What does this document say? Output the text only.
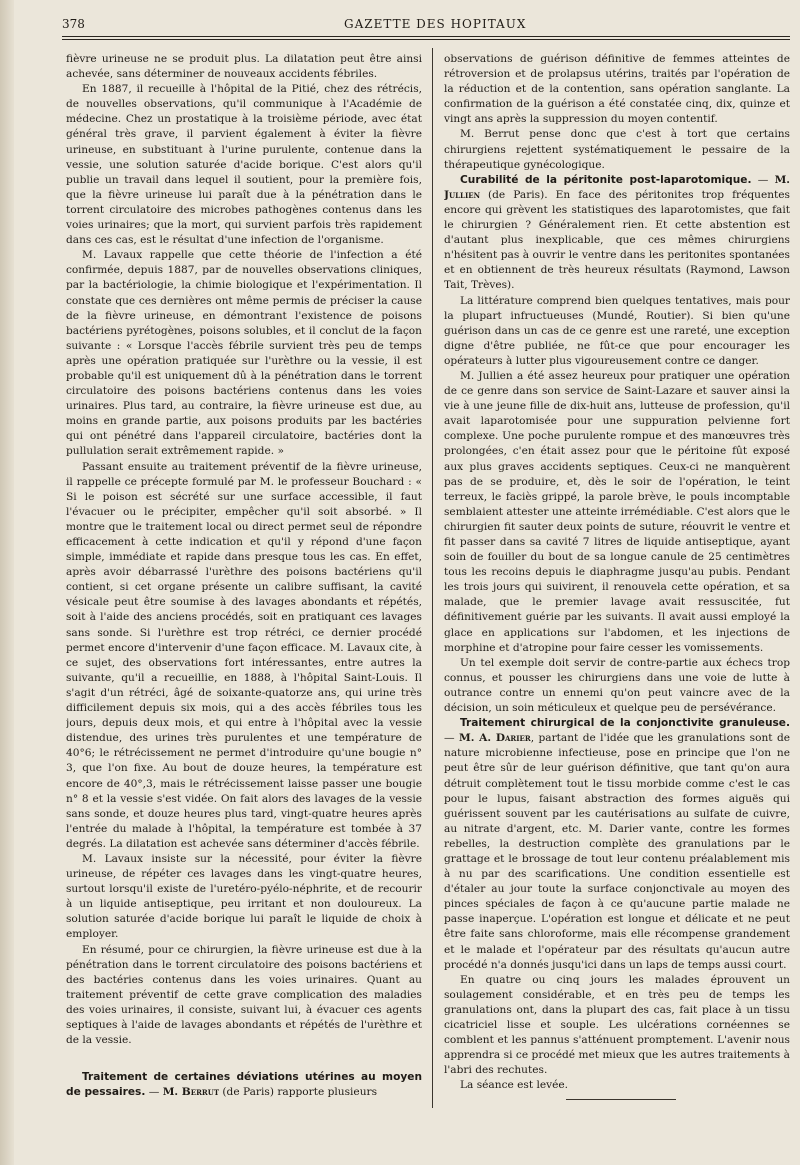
378	GAZETTE DES HOPITAUX

fièvre urineuse ne se produit plus. La dilatation peut être ainsi achevée, sans déterminer de nouveaux accidents fébriles.

En 1887, il recueille à l'hôpital de la Pitié, chez des rétrécis, de nouvelles observations, qu'il communique à l'Académie de médecine. Chez un prostatique à la troisième période, avec état général très grave, il parvient également à éviter la fièvre urineuse, en substituant à l'urine purulente, contenue dans la vessie, une solution saturée d'acide borique. C'est alors qu'il publie un travail dans lequel il soutient, pour la première fois, que la fièvre urineuse lui paraît due à la pénétration dans le torrent circulatoire des microbes pathogènes contenus dans les voies urinaires; que la mort, qui survient parfois très rapidement dans ces cas, est le résultat d'une infection de l'organisme.

M. Lavaux rappelle que cette théorie de l'infection a été confirmée, depuis 1887, par de nouvelles observations cliniques, par la bactériologie, la chimie biologique et l'expérimentation. Il constate que ces dernières ont même permis de préciser la cause de la fièvre urineuse, en démontrant l'existence de poisons bactériens pyrétogènes, poisons solubles, et il conclut de la façon suivante : « Lorsque l'accès fébrile survient très peu de temps après une opération pratiquée sur l'urèthre ou la vessie, il est probable qu'il est uniquement dû à la pénétration dans le torrent circulatoire des poisons bactériens contenus dans les voies urinaires. Plus tard, au contraire, la fièvre urineuse est due, au moins en grande partie, aux poisons produits par les bactéries qui ont pénétré dans l'appareil circulatoire, bactéries dont la pullulation serait extrêmement rapide. »

Passant ensuite au traitement préventif de la fièvre urineuse, il rappelle ce précepte formulé par M. le professeur Bouchard : « Si le poison est sécrété sur une surface accessible, il faut l'évacuer ou le précipiter, empêcher qu'il soit absorbé. » Il montre que le traitement local ou direct permet seul de répondre efficacement à cette indication et qu'il y répond d'une façon simple, immédiate et rapide dans presque tous les cas. En effet, après avoir débarrassé l'urèthre des poisons bactériens qu'il contient, si cet organe présente un calibre suffisant, la cavité vésicale peut être soumise à des lavages abondants et répétés, soit à l'aide des anciens procédés, soit en pratiquant ces lavages sans sonde. Si l'urèthre est trop rétréci, ce dernier procédé permet encore d'intervenir d'une façon efficace. M. Lavaux cite, à ce sujet, des observations fort intéressantes, entre autres la suivante, qu'il a recueillie, en 1888, à l'hôpital Saint-Louis. Il s'agit d'un rétréci, âgé de soixante-quatorze ans, qui urine très difficilement depuis six mois, qui a des accès fébriles tous les jours, depuis deux mois, et qui entre à l'hôpital avec la vessie distendue, des urines très purulentes et une température de 40°6; le rétrécissement ne permet d'introduire qu'une bougie n° 3, que l'on fixe. Au bout de douze heures, la température est encore de 40°,3, mais le rétrécissement laisse passer une bougie n° 8 et la vessie s'est vidée. On fait alors des lavages de la vessie sans sonde, et douze heures plus tard, vingt-quatre heures après l'entrée du malade à l'hôpital, la température est tombée à 37 degrés. La dilatation est achevée sans déterminer d'accès fébrile.

M. Lavaux insiste sur la nécessité, pour éviter la fièvre urineuse, de répéter ces lavages dans les vingt-quatre heures, surtout lorsqu'il existe de l'uretéro-pyélo-néphrite, et de recourir à un liquide antiseptique, peu irritant et non douloureux. La solution saturée d'acide borique lui paraît le liquide de choix à employer.

En résumé, pour ce chirurgien, la fièvre urineuse est due à la pénétration dans le torrent circulatoire des poisons bactériens et des bactéries contenus dans les voies urinaires. Quant au traitement préventif de cette grave complication des maladies des voies urinaires, il consiste, suivant lui, à évacuer ces agents septiques à l'aide de lavages abondants et répétés de l'urèthre et de la vessie.

Traitement de certaines déviations utérines au moyen de pessaires. — M. Berrut (de Paris) rapporte plusieurs

observations de guérison définitive de femmes atteintes de rétroversion et de prolapsus utérins, traités par l'opération de la réduction et de la contention, sans opération sanglante. La confirmation de la guérison a été constatée cinq, dix, quinze et vingt ans après la suppression du moyen contentif.

M. Berrut pense donc que c'est à tort que certains chirurgiens rejettent systématiquement le pessaire de la thérapeutique gynécologique.

Curabilité de la péritonite post-laparotomique. — M. Jullien (de Paris). En face des péritonites trop fréquentes encore qui grèvent les statistiques des laparotomistes, que fait le chirurgien ? Généralement rien. Et cette abstention est d'autant plus inexplicable, que ces mêmes chirurgiens n'hésitent pas à ouvrir le ventre dans les peritonites spontanées et en obtiennent de très heureux résultats (Raymond, Lawson Tait, Trèves).

La littérature comprend bien quelques tentatives, mais pour la plupart infructueuses (Mundé, Routier). Si bien qu'une guérison dans un cas de ce genre est une rareté, une exception digne d'être publiée, ne fût-ce que pour encourager les opérateurs à lutter plus vigoureusement contre ce danger.

M. Jullien a été assez heureux pour pratiquer une opération de ce genre dans son service de Saint-Lazare et sauver ainsi la vie à une jeune fille de dix-huit ans, lutteuse de profession, qu'il avait laparotomisée pour une suppuration pelvienne fort complexe. Une poche purulente rompue et des manœuvres très prolongées, c'en était assez pour que le péritoine fût exposé aux plus graves accidents septiques. Ceux-ci ne manquèrent pas de se produire, et, dès le soir de l'opération, le teint terreux, le faciès grippé, la parole brève, le pouls incomptable semblaient attester une atteinte irrémédiable. C'est alors que le chirurgien fit sauter deux points de suture, réouvrit le ventre et fit passer dans sa cavité 7 litres de liquide antiseptique, ayant soin de fouiller du bout de sa longue canule de 25 centimètres tous les recoins depuis le diaphragme jusqu'au pubis. Pendant les trois jours qui suivirent, il renouvela cette opération, et sa malade, que le premier lavage avait ressuscitée, fut définitivement guérie par les suivants. Il avait aussi employé la glace en applications sur l'abdomen, et les injections de morphine et d'atropine pour faire cesser les vomissements.

Un tel exemple doit servir de contre-partie aux échecs trop connus, et pousser les chirurgiens dans une voie de lutte à outrance contre un ennemi qu'on peut vaincre avec de la décision, un soin méticuleux et quelque peu de persévérance.

Traitement chirurgical de la conjonctivite granuleuse. — M. A. Darier, partant de l'idée que les granulations sont de nature microbienne infectieuse, pose en principe que l'on ne peut être sûr de leur guérison définitive, que tant qu'on aura détruit complètement tout le tissu morbide comme c'est le cas pour le lupus, faisant abstraction des formes aiguës qui guérissent souvent par les cautérisations au sulfate de cuivre, au nitrate d'argent, etc. M. Darier vante, contre les formes rebelles, la destruction complète des granulations par le grattage et le brossage de tout leur contenu préalablement mis à nu par des scarifications. Une condition essentielle est d'étaler au jour toute la surface conjonctivale au moyen des pinces spéciales de façon à ce qu'aucune partie malade ne passe inaperçue. L'opération est longue et délicate et ne peut être faite sans chloroforme, mais elle récompense grandement et le malade et l'opérateur par des résultats qu'aucun autre procédé n'a donnés jusqu'ici dans un laps de temps aussi court.

En quatre ou cinq jours les malades éprouvent un soulagement considérable, et en très peu de temps les granulations ont, dans la plupart des cas, fait place à un tissu cicatriciel lisse et souple. Les ulcérations cornéennes se comblent et les pannus s'atténuent promptement. L'avenir nous apprendra si ce procédé met mieux que les autres traitements à l'abri des rechutes.

La séance est levée.
